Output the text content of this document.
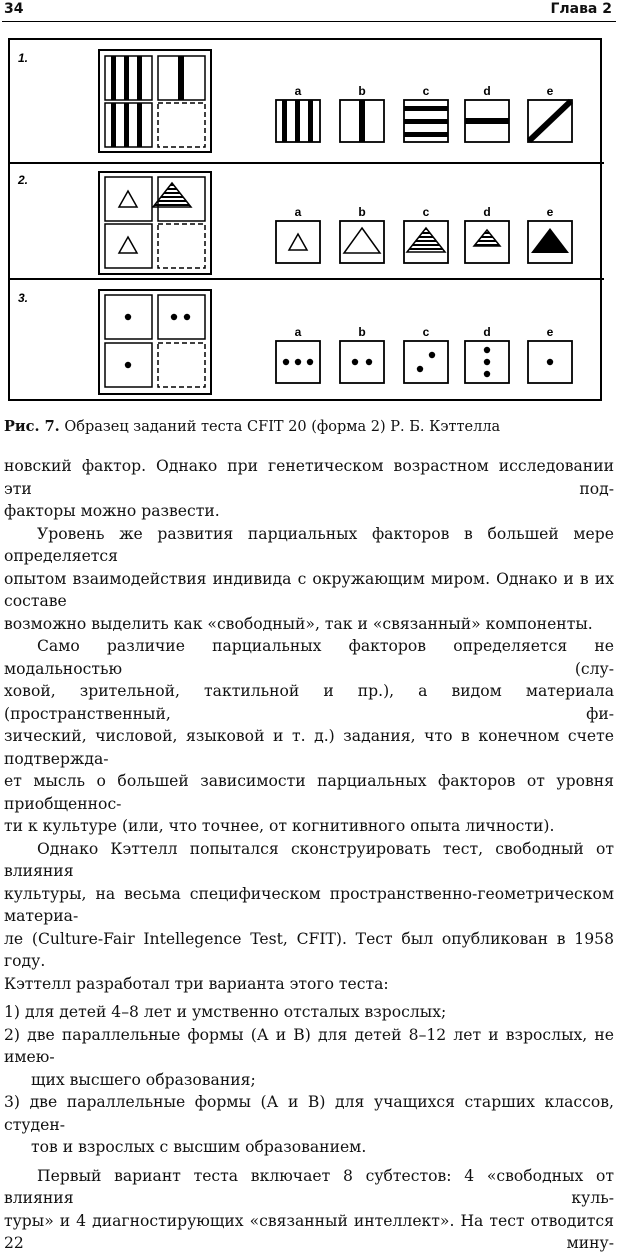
34	Глава 2
1.
2.
3.
a	b	c	d	e
a	b	c	d	e
a	b	c	d	e
Рис. 7. Образец заданий теста CFIT 20 (форма 2) Р. Б. Кэттелла

новский фактор. Однако при генетическом возрастном исследовании эти под-

факторы можно развести.

Уровень же развития парциальных факторов в большей мере определяется

опытом взаимодействия индивида с окружающим миром. Однако и в их составе

возможно выделить как «свободный», так и «связанный» компоненты.

Само различие парциальных факторов определяется не модальностью (слу-

ховой, зрительной, тактильной и пр.), а видом материала (пространственный, фи-

зический, числовой, языковой и т. д.) задания, что в конечном счете подтвержда-

ет мысль о большей зависимости парциальных факторов от уровня приобщеннос-

ти к культуре (или, что точнее, от когнитивного опыта личности).

Однако Кэттелл попытался сконструировать тест, свободный от влияния

культуры, на весьма специфическом пространственно-геометрическом материа-

ле (Culture-Fair Intellegence Test, CFIT). Тест был опубликован в 1958 году.

Кэттелл разработал три варианта этого теста:

1) для детей 4–8 лет и умственно отсталых взрослых;

2) две параллельные формы (А и В) для детей 8–12 лет и взрослых, не имею-

щих высшего образования;

3) две параллельные формы (А и В) для учащихся старших классов, студен-

тов и взрослых с высшим образованием.

Первый вариант теста включает 8 субтестов: 4 «свободных от влияния куль-

туры» и 4 диагностирующих «связанный интеллект». На тест отводится 22 мину-
